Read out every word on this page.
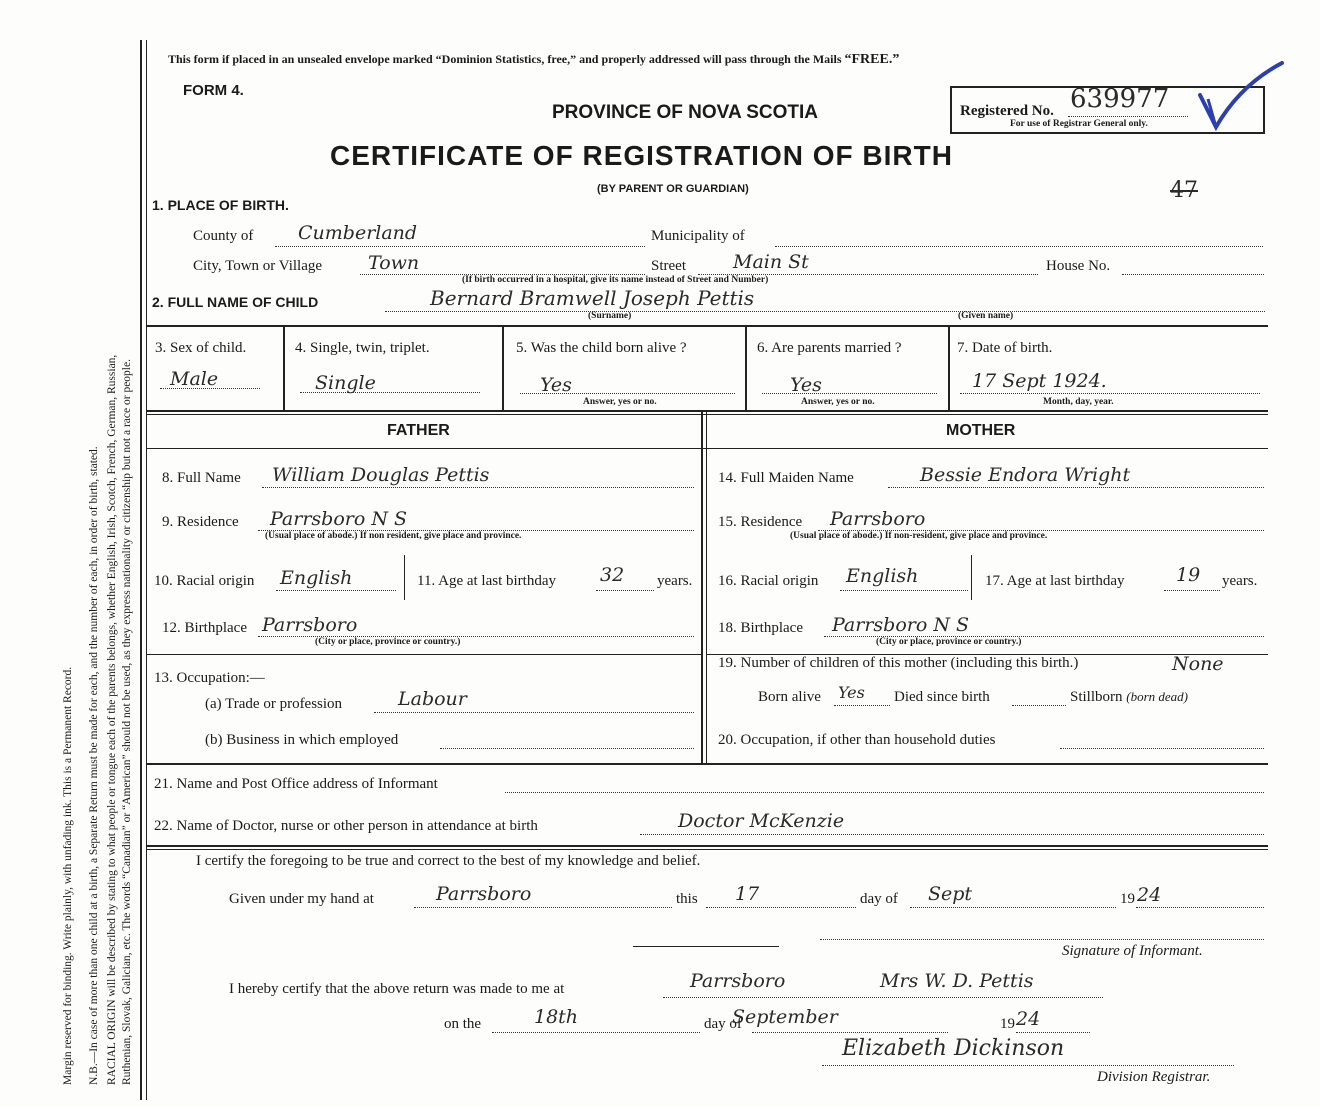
Margin reserved for binding. Write plainly, with unfading ink. This is a Permanent Record. N.B.—In case of more than one child at a birth, a Separate Return must be made for each, and the number of each, in order of birth, stated. RACIAL ORIGIN will be described by stating to what people or tongue each of the parents belongs, whether English, Irish, Scotch, French, German, Russian, Ruthenian, Slovak, Galician, etc. The words “Canadian” or “American” should not be used, as they express nationality or citizenship but not a race or people.
This form if placed in an unsealed envelope marked “Dominion Statistics, free,” and properly addressed will pass through the Mails “FREE.”
FORM 4.
PROVINCE OF NOVA SCOTIA
CERTIFICATE OF REGISTRATION OF BIRTH
(BY PARENT OR GUARDIAN)
Registered No. 639977
For use of Registrar General only.
47
1. PLACE OF BIRTH.
County of Cumberland	Municipality of
City, Town or Village Town	Street Main St	House No.
(If birth occurred in a hospital, give its name instead of Street and Number)
2. FULL NAME OF CHILD	Bernard Bramwell Joseph Pettis
(Surname)	(Given name)
3. Sex of child.
Male
4. Single, twin, triplet.
Single
5. Was the child born alive ?
Yes
Answer, yes or no.
6. Are parents married ?
Yes
Answer, yes or no.
7. Date of birth.
17 Sept 1924.
Month, day, year.
FATHER	MOTHER
8. Full Name William Douglas Pettis
9. Residence Parrsboro N S
(Usual place of abode.) If non resident, give place and province.
10. Racial origin English	11. Age at last birthday 32 years.
12. Birthplace Parrsboro
(City or place, province or country.)
13. Occupation:—
(a) Trade or profession	Labour
(b) Business in which employed
14. Full Maiden Name	Bessie Endora Wright
15. Residence Parrsboro
(Usual place of abode.) If non-resident, give place and province.
16. Racial origin English	17. Age at last birthday	19 years.
18. Birthplace Parrsboro N S
(City or place, province or country.)
19. Number of children of this mother (including this birth.)	None
Born alive Yes Died since birth	Stillborn (born dead)
20. Occupation, if other than household duties
21. Name and Post Office address of Informant
22. Name of Doctor, nurse or other person in attendance at birth	Doctor McKenzie
I certify the foregoing to be true and correct to the best of my knowledge and belief.
Given under my hand at	Parrsboro	this 17	day of Sept	19 24
Signature of Informant.
I hereby certify that the above return was made to me at	Parrsboro	Mrs W. D. Pettis
on the	18th	day of
September	19 24
Elizabeth Dickinson
Division Registrar.
